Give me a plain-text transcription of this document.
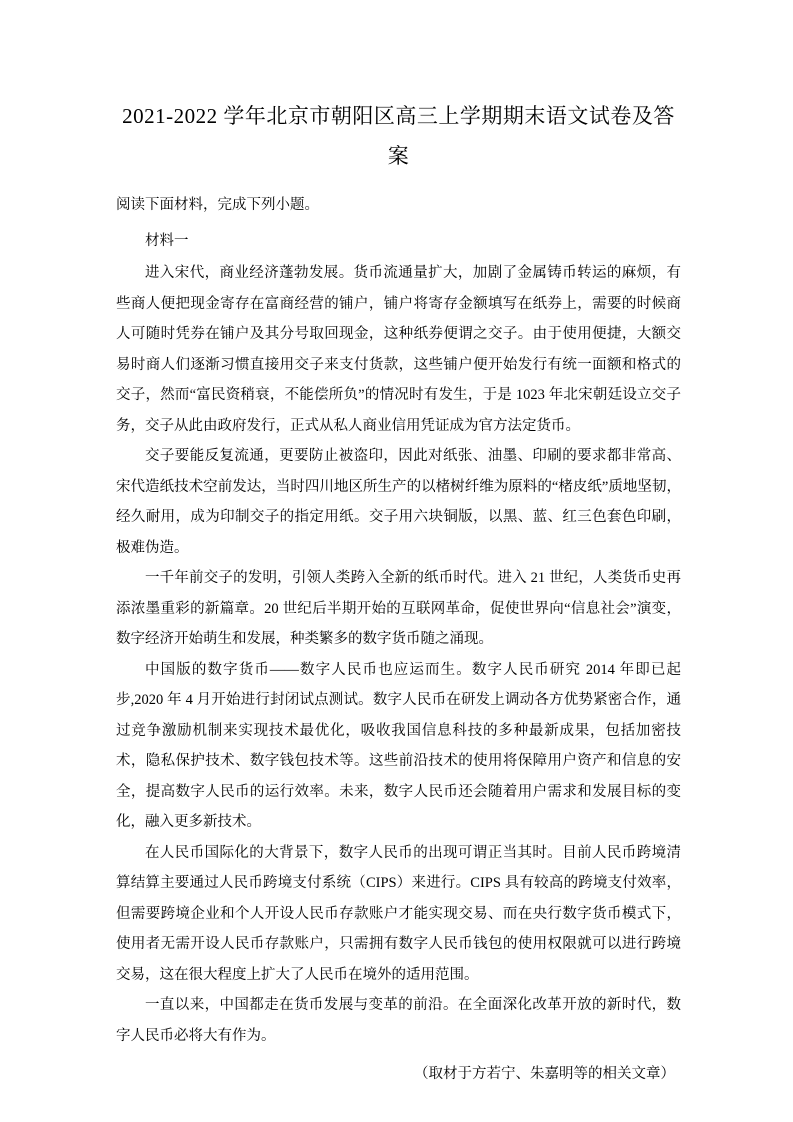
2021-2022 学年北京市朝阳区高三上学期期末语文试卷及答案

阅读下面材料，完成下列小题。

材料一

进入宋代，商业经济蓬勃发展。货币流通量扩大，加剧了金属铸币转运的麻烦，有些商人便把现金寄存在富商经营的铺户，铺户将寄存金额填写在纸券上，需要的时候商人可随时凭券在铺户及其分号取回现金，这种纸券便谓之交子。由于使用便捷，大额交易时商人们逐渐习惯直接用交子来支付货款，这些铺户便开始发行有统一面额和格式的交子，然而“富民资稍衰，不能偿所负”的情况时有发生，于是 1023 年北宋朝廷设立交子务，交子从此由政府发行，正式从私人商业信用凭证成为官方法定货币。

交子要能反复流通，更要防止被盗印，因此对纸张、油墨、印刷的要求都非常高、宋代造纸技术空前发达，当时四川地区所生产的以楮树纤维为原料的“楮皮纸”质地坚韧，经久耐用，成为印制交子的指定用纸。交子用六块铜版，以黑、蓝、红三色套色印刷，极难伪造。

一千年前交子的发明，引领人类跨入全新的纸币时代。进入 21 世纪，人类货币史再添浓墨重彩的新篇章。20 世纪后半期开始的互联网革命，促使世界向“信息社会”演变，数字经济开始萌生和发展，种类繁多的数字货币随之涌现。

中国版的数字货币——数字人民币也应运而生。数字人民币研究 2014 年即已起步,2020 年 4 月开始进行封闭试点测试。数字人民币在研发上调动各方优势紧密合作，通过竞争激励机制来实现技术最优化，吸收我国信息科技的多种最新成果，包括加密技术，隐私保护技术、数字钱包技术等。这些前沿技术的使用将保障用户资产和信息的安全，提高数字人民币的运行效率。未来，数字人民币还会随着用户需求和发展目标的变化，融入更多新技术。

在人民币国际化的大背景下，数字人民币的出现可谓正当其时。目前人民币跨境清算结算主要通过人民币跨境支付系统（CIPS）来进行。CIPS 具有较高的跨境支付效率，但需要跨境企业和个人开设人民币存款账户才能实现交易、而在央行数字货币模式下，使用者无需开设人民币存款账户，只需拥有数字人民币钱包的使用权限就可以进行跨境交易，这在很大程度上扩大了人民币在境外的适用范围。

一直以来，中国都走在货币发展与变革的前沿。在全面深化改革开放的新时代，数字人民币必将大有作为。

（取材于方若宁、朱嘉明等的相关文章）
